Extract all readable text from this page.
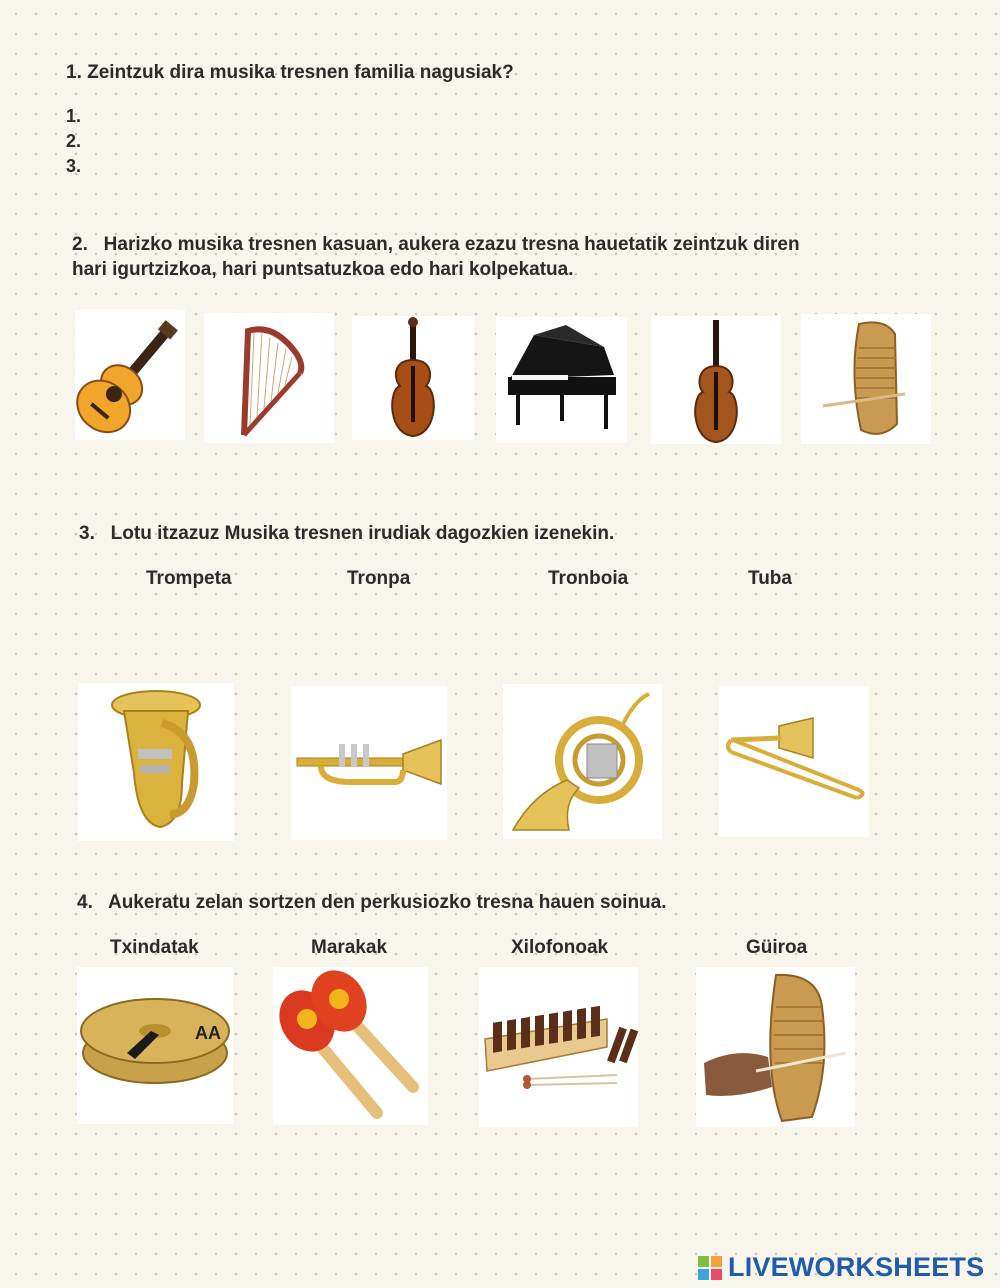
1. Zeintzuk dira musika tresnen familia nagusiak?
1.
2.
3.
2.   Harizko musika tresnen kasuan, aukera ezazu tresna hauetatik zeintzuk diren
hari igurtzizkoa, hari puntsatuzkoa edo hari kolpekatua.
3.   Lotu itzazuz Musika tresnen irudiak dagozkien izenekin.
Trompeta	Tronpa	Tronboia	Tuba
4.   Aukeratu zelan sortzen den perkusiozko tresna hauen soinua.
Txindatak	Marakak	Xilofonoak	Güiroa
AA
LIVEWORKSHEETS
